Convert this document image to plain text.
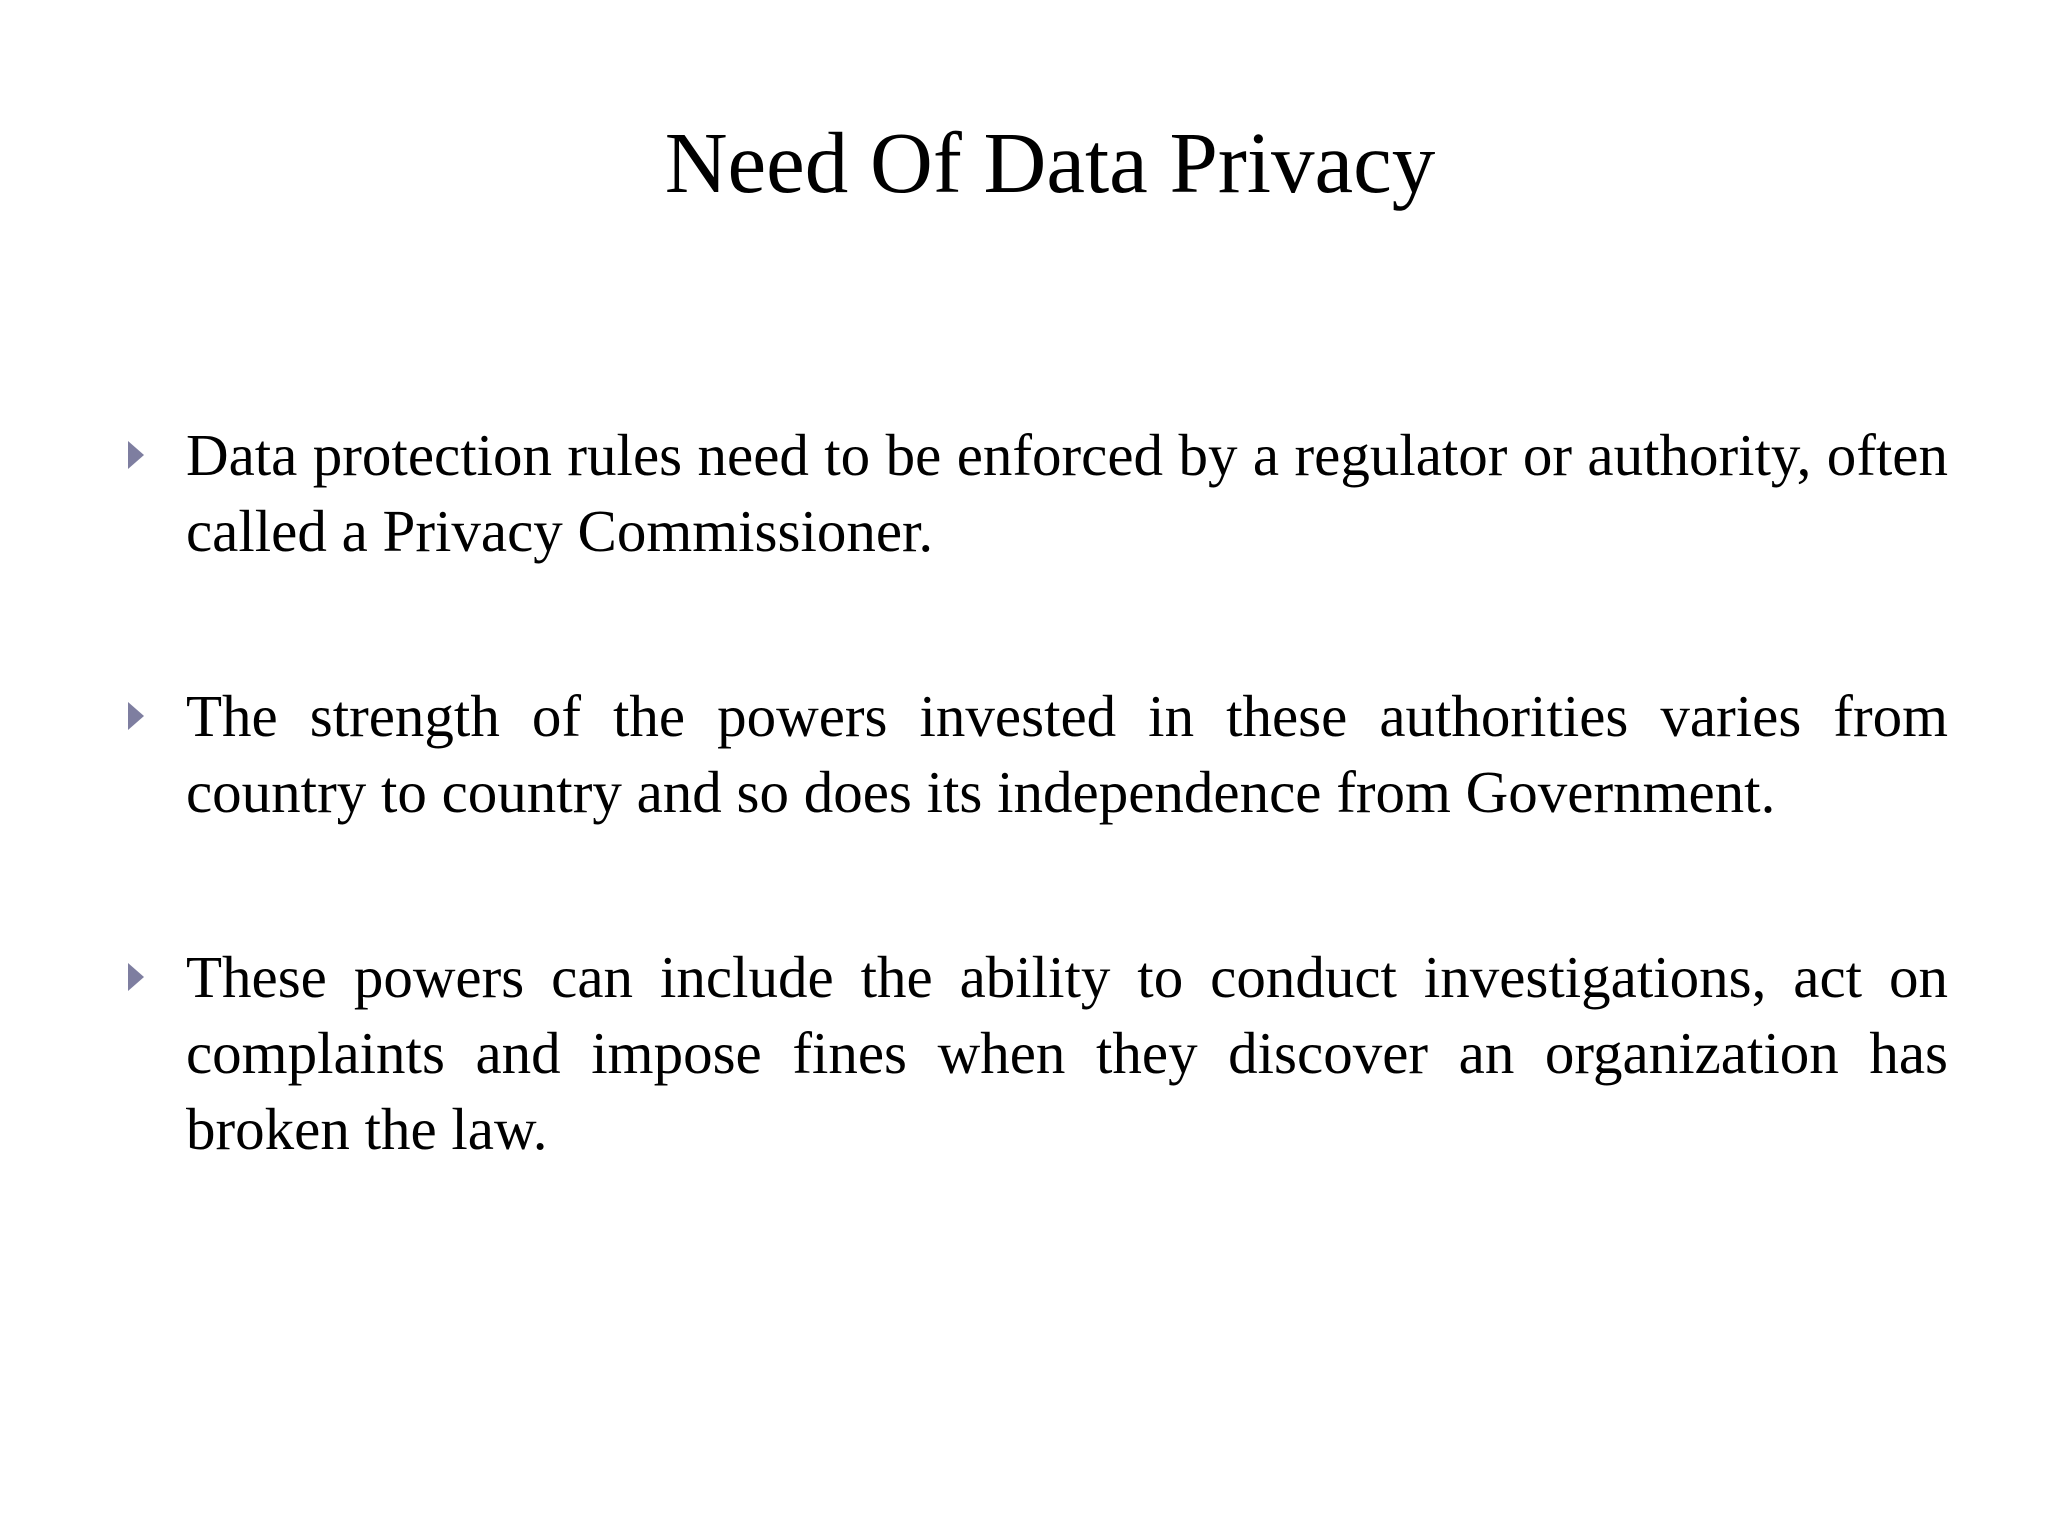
Need Of Data Privacy
Data protection rules need to be enforced by a regulator or authority, often called a Privacy Commissioner.
The strength of the powers invested in these authorities varies from country to country and so does its independence from Government.
These powers can include the ability to conduct investigations, act on complaints and impose fines when they discover an organization has broken the law.
